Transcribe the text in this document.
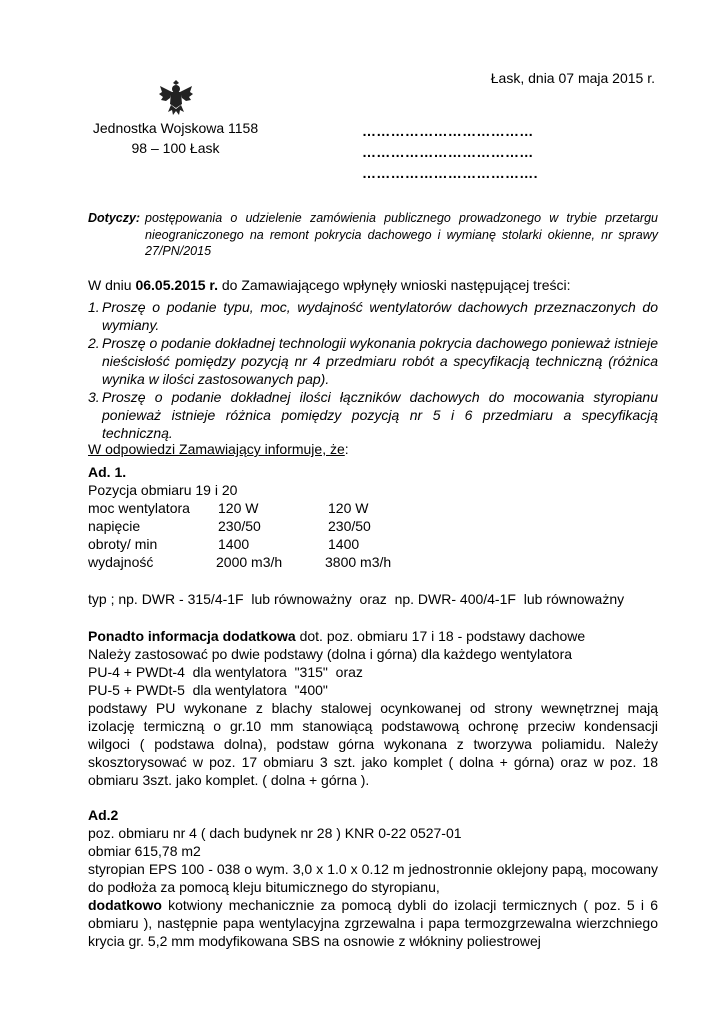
Łask, dnia 07 maja 2015 r.
Jednostka Wojskowa 1158
98 – 100 Łask
………………………………
………………………………
……………………………….
Dotyczy: postępowania o udzielenie zamówienia publicznego prowadzonego w trybie przetargu nieograniczonego na remont pokrycia dachowego i wymianę stolarki okienne, nr sprawy 27/PN/2015
W dniu 06.05.2015 r. do Zamawiającego wpłynęły wnioski następującej treści:
1. Proszę o podanie typu, moc, wydajność wentylatorów dachowych przeznaczonych do wymiany.
2. Proszę o podanie dokładnej technologii wykonania pokrycia dachowego ponieważ istnieje nieścisłość pomiędzy pozycją nr 4 przedmiaru robót a specyfikacją techniczną (różnica wynika w ilości zastosowanych pap).
3. Proszę o podanie dokładnej ilości łączników dachowych do mocowania styropianu ponieważ istnieje różnica pomiędzy pozycją nr 5 i 6 przedmiaru a specyfikacją techniczną.
W odpowiedzi Zamawiający informuje, że:
Ad. 1.
Pozycja obmiaru 19 i 20
moc wentylatora 120 W	120 W
napięcie	230/50	230/50
obroty/ min	1400	1400
wydajność	2000 m3/h	3800 m3/h
typ ; np. DWR - 315/4-1F  lub równoważny  oraz  np. DWR- 400/4-1F  lub równoważny
Ponadto informacja dodatkowa dot. poz. obmiaru 17 i 18 - podstawy dachowe
Należy zastosować po dwie podstawy (dolna i górna) dla każdego wentylatora
PU-4 + PWDt-4  dla wentylatora  "315"  oraz
PU-5 + PWDt-5  dla wentylatora  "400"
podstawy PU wykonane z blachy stalowej ocynkowanej od strony wewnętrznej mają izolację termiczną o gr.10 mm stanowiącą podstawową ochronę przeciw kondensacji wilgoci ( podstawa dolna), podstaw górna wykonana z tworzywa poliamidu. Należy skosztorysować w poz. 17 obmiaru 3 szt. jako komplet ( dolna + górna) oraz w poz. 18 obmiaru 3szt. jako komplet. ( dolna + górna ).
Ad.2
poz. obmiaru nr 4 ( dach budynek nr 28 ) KNR 0-22 0527-01
obmiar 615,78 m2
styropian EPS 100 - 038 o wym. 3,0 x 1.0 x 0.12 m jednostronnie oklejony papą, mocowany do podłoża za pomocą kleju bitumicznego do styropianu,
dodatkowo kotwiony mechanicznie za pomocą dybli do izolacji termicznych ( poz. 5 i 6 obmiaru ), następnie papa wentylacyjna zgrzewalna i papa termozgrzewalna wierzchniego krycia gr. 5,2 mm modyfikowana SBS na osnowie z włókniny poliestrowej
